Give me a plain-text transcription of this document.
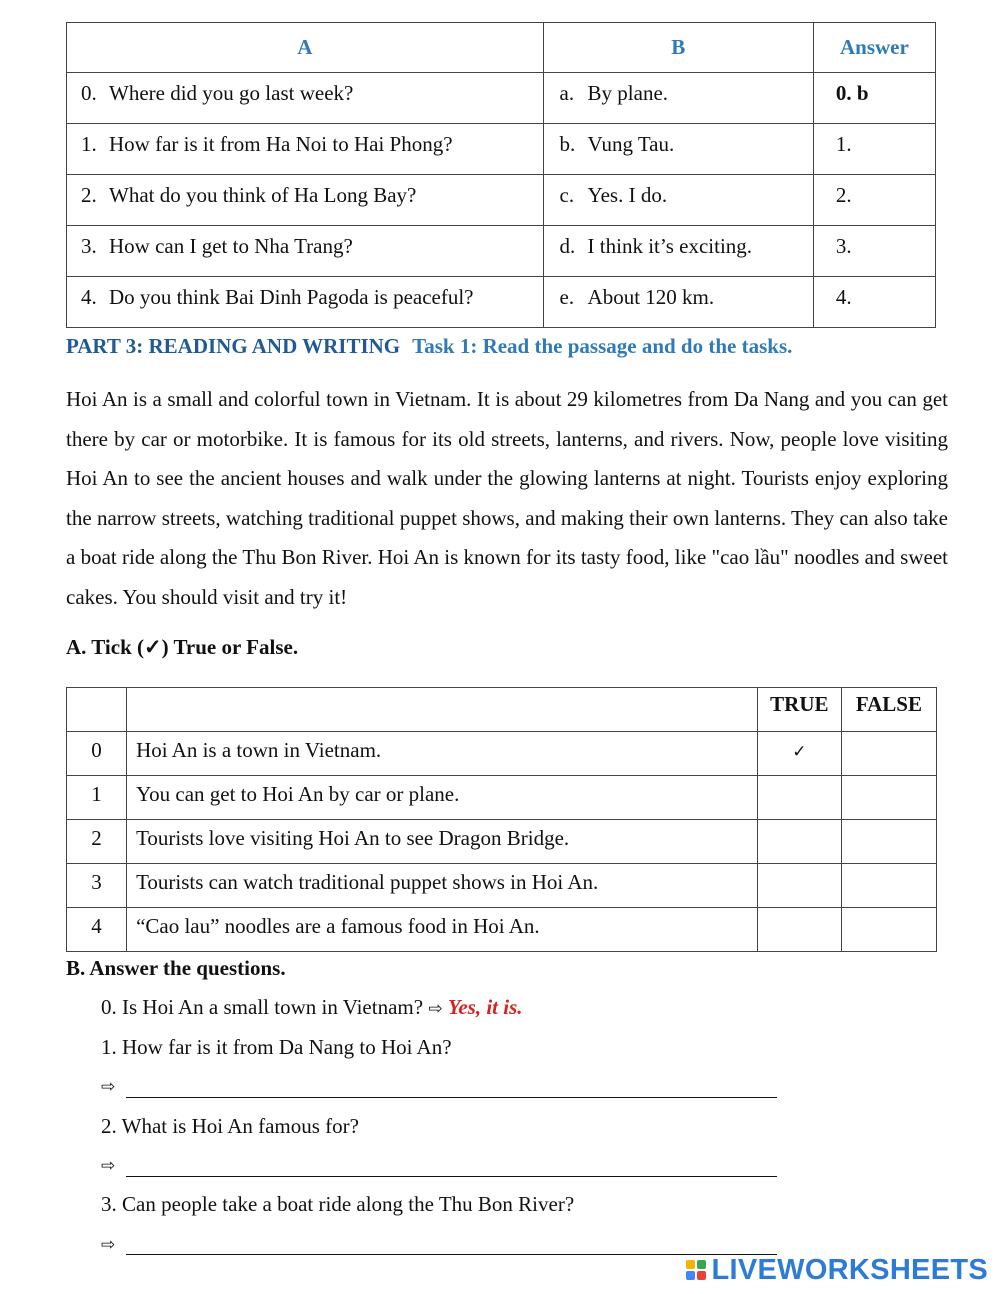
A	B	Answer
0. Where did you go last week?	a. By plane.	0. b
1. How far is it from Ha Noi to Hai Phong?	b. Vung Tau.	1.
2. What do you think of Ha Long Bay?	c. Yes. I do.	2.
3. How can I get to Nha Trang?	d. I think it’s exciting.	3.
4. Do you think Bai Dinh Pagoda is peaceful?	e. About 120 km.	4.
PART 3: READING AND WRITING Task 1: Read the passage and do the tasks.
Hoi An is a small and colorful town in Vietnam. It is about 29 kilometres from Da Nang and you can get there by car or motorbike. It is famous for its old streets, lanterns, and rivers. Now, people love visiting Hoi An to see the ancient houses and walk under the glowing lanterns at night. Tourists enjoy exploring the narrow streets, watching traditional puppet shows, and making their own lanterns. They can also take a boat ride along the Thu Bon River. Hoi An is known for its tasty food, like "cao lầu" noodles and sweet cakes. You should visit and try it!
A. Tick (✓) True or False.
		TRUE	FALSE
0	Hoi An is a town in Vietnam.	✓	
1	You can get to Hoi An by car or plane.		
2	Tourists love visiting Hoi An to see Dragon Bridge.		
3	Tourists can watch traditional puppet shows in Hoi An.		
4	“Cao lau” noodles are a famous food in Hoi An.		
B. Answer the questions.
0. Is Hoi An a small town in Vietnam? ⇨ Yes, it is.
1. How far is it from Da Nang to Hoi An?
⇨
2. What is Hoi An famous for?
⇨
3. Can people take a boat ride along the Thu Bon River?
⇨
LIVEWORKSHEETS
